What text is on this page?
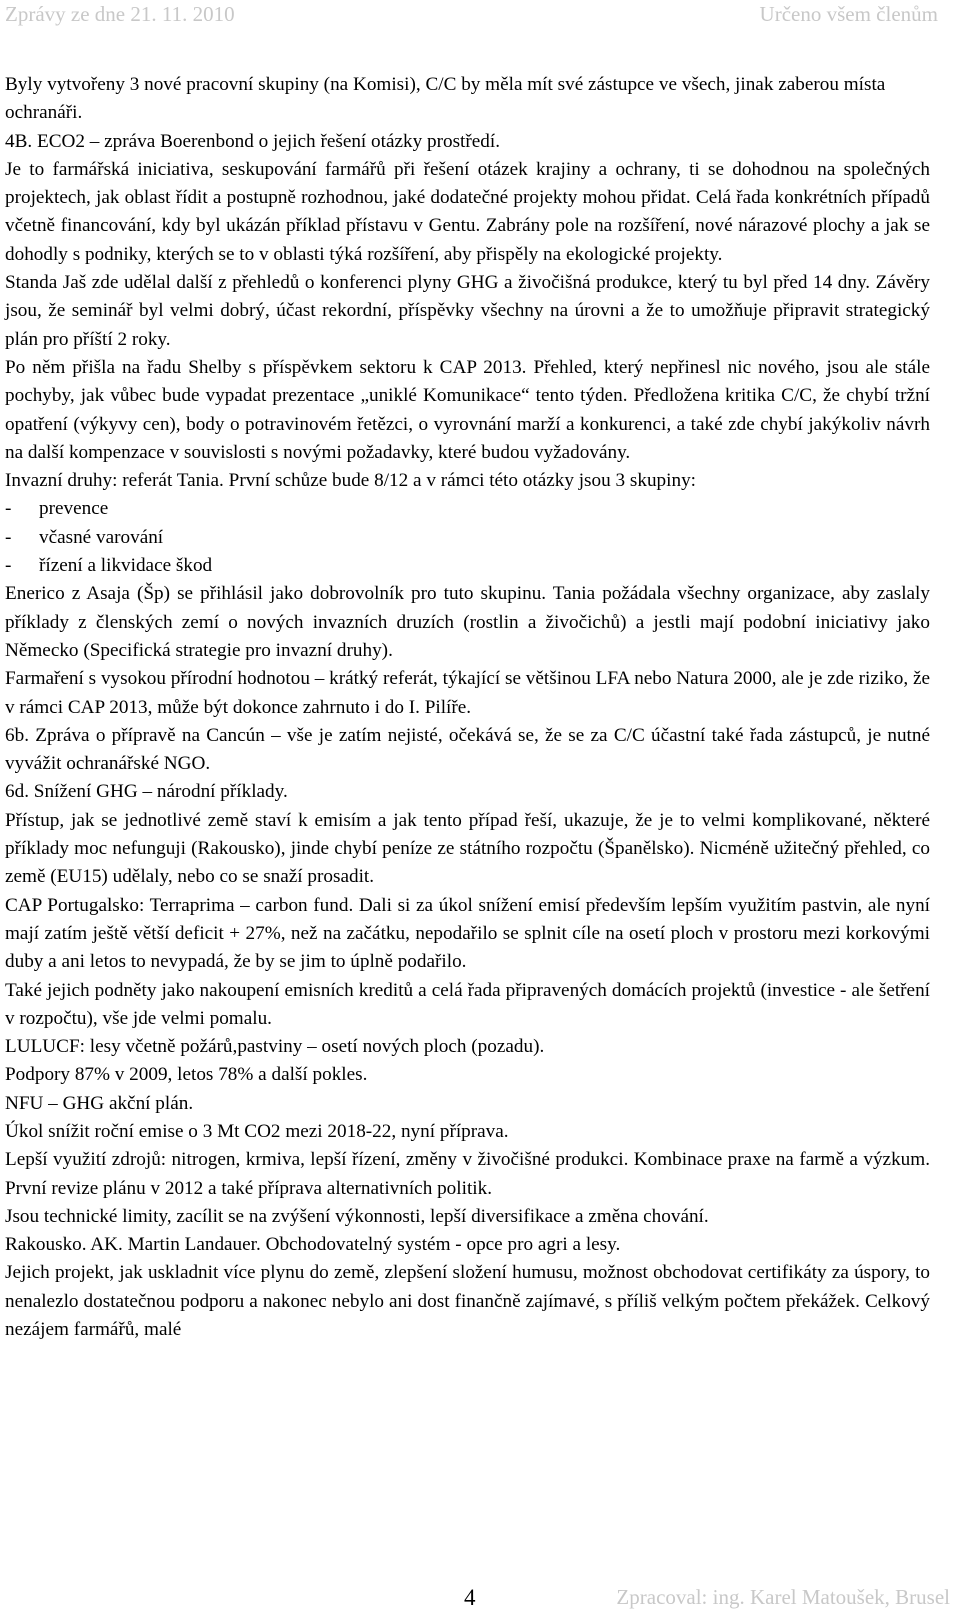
Zprávy ze dne 21. 11. 2010	Určeno všem členům

Byly vytvořeny 3 nové pracovní skupiny (na Komisi), C/C by měla mít své zástupce ve všech, jinak zaberou místa ochranáři.

4B. ECO2 – zpráva Boerenbond o jejich řešení otázky prostředí.

Je to farmářská iniciativa, seskupování farmářů při řešení otázek krajiny a ochrany, ti se dohodnou na společných projektech, jak oblast řídit a postupně rozhodnou, jaké dodatečné projekty mohou přidat. Celá řada konkrétních případů včetně financování, kdy byl ukázán příklad přístavu v Gentu. Zabrány pole na rozšíření, nové nárazové plochy a jak se dohodly s podniky, kterých se to v oblasti týká rozšíření, aby přispěly na ekologické projekty.

Standa Jaš zde udělal další z přehledů o konferenci plyny GHG a živočišná produkce, který tu byl před 14 dny. Závěry jsou, že seminář byl velmi dobrý, účast rekordní, příspěvky všechny na úrovni a že to umožňuje připravit strategický plán pro příští 2 roky.

Po něm přišla na řadu Shelby s příspěvkem sektoru k CAP 2013. Přehled, který nepřinesl nic nového, jsou ale stále pochyby, jak vůbec bude vypadat prezentace „uniklé Komunikace“ tento týden. Předložena kritika C/C, že chybí tržní opatření (výkyvy cen), body o potravinovém řetězci, o vyrovnání marží a konkurenci, a také zde chybí jakýkoliv návrh na další kompenzace v souvislosti s novými požadavky, které budou vyžadovány.

Invazní druhy: referát Tania. První schůze bude 8/12 a v rámci této otázky jsou 3 skupiny:

- prevence

- včasné varování

- řízení a likvidace škod

Enerico z Asaja (Šp) se přihlásil jako dobrovolník pro tuto skupinu. Tania požádala všechny organizace, aby zaslaly příklady z členských zemí o nových invazních druzích (rostlin a živočichů) a jestli mají podobní iniciativy jako Německo (Specifická strategie pro invazní druhy).

Farmaření s vysokou přírodní hodnotou – krátký referát, týkající se většinou LFA nebo Natura 2000, ale je zde riziko, že v rámci CAP 2013, může být dokonce zahrnuto i do I. Pilíře.

6b. Zpráva o přípravě na Cancún – vše je zatím nejisté, očekává se, že se za C/C účastní také řada zástupců, je nutné vyvážit ochranářské NGO.

6d. Snížení GHG – národní příklady.

Přístup, jak se jednotlivé země staví k emisím a jak tento případ řeší, ukazuje, že je to velmi komplikované, některé příklady moc nefunguji (Rakousko), jinde chybí peníze ze státního rozpočtu (Španělsko). Nicméně užitečný přehled, co země (EU15) udělaly, nebo co se snaží prosadit.

CAP Portugalsko: Terraprima – carbon fund. Dali si za úkol snížení emisí především lepším využitím pastvin, ale nyní mají zatím ještě větší deficit + 27%, než na začátku, nepodařilo se splnit cíle na osetí ploch v prostoru mezi korkovými duby a ani letos to nevypadá, že by se jim to úplně podařilo.

Také jejich podněty jako nakoupení emisních kreditů a celá řada připravených domácích projektů (investice - ale šetření v rozpočtu), vše jde velmi pomalu.

LULUCF: lesy včetně požárů,pastviny – osetí nových ploch (pozadu).

Podpory 87% v 2009, letos 78% a další pokles.

NFU – GHG akční plán.

Úkol snížit roční emise o 3 Mt CO2 mezi 2018-22, nyní příprava.

Lepší využití zdrojů: nitrogen, krmiva, lepší řízení, změny v živočišné produkci. Kombinace praxe na farmě a výzkum. První revize plánu v 2012 a také příprava alternativních politik.

Jsou technické limity, zacílit se na zvýšení výkonnosti, lepší diversifikace a změna chování.

Rakousko. AK. Martin Landauer. Obchodovatelný systém - opce pro agri a lesy.

Jejich projekt, jak uskladnit více plynu do země, zlepšení složení humusu, možnost obchodovat certifikáty za úspory, to nenalezlo dostatečnou podporu a nakonec nebylo ani dost finančně zajímavé, s příliš velkým počtem překážek. Celkový nezájem farmářů, malé

4	Zpracoval: ing. Karel Matoušek, Brusel
